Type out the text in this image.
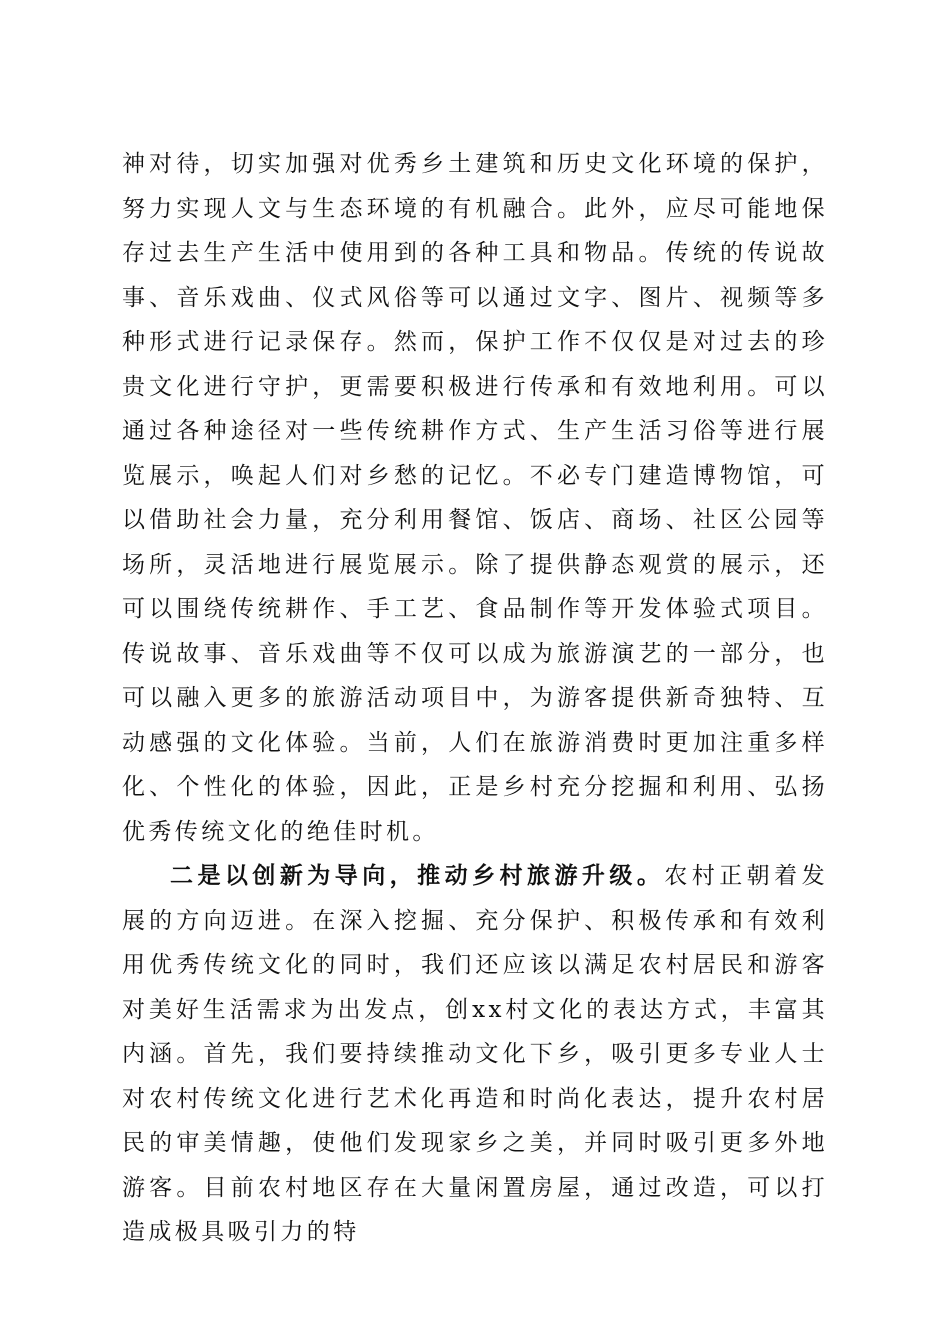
神对待，切实加强对优秀乡土建筑和历史文化环境的保护，努力实现人文与生态环境的有机融合。此外，应尽可能地保存过去生产生活中使用到的各种工具和物品。传统的传说故事、音乐戏曲、仪式风俗等可以通过文字、图片、视频等多种形式进行记录保存。然而，保护工作不仅仅是对过去的珍贵文化进行守护，更需要积极进行传承和有效地利用。可以通过各种途径对一些传统耕作方式、生产生活习俗等进行展览展示，唤起人们对乡愁的记忆。不必专门建造博物馆，可以借助社会力量，充分利用餐馆、饭店、商场、社区公园等场所，灵活地进行展览展示。除了提供静态观赏的展示，还可以围绕传统耕作、手工艺、食品制作等开发体验式项目。传说故事、音乐戏曲等不仅可以成为旅游演艺的一部分，也可以融入更多的旅游活动项目中，为游客提供新奇独特、互动感强的文化体验。当前，人们在旅游消费时更加注重多样化、个性化的体验，因此，正是乡村充分挖掘和利用、弘扬优秀传统文化的绝佳时机。

二是以创新为导向，推动乡村旅游升级。农村正朝着发展的方向迈进。在深入挖掘、充分保护、积极传承和有效利用优秀传统文化的同时，我们还应该以满足农村居民和游客对美好生活需求为出发点，创xx村文化的表达方式，丰富其内涵。首先，我们要持续推动文化下乡，吸引更多专业人士对农村传统文化进行艺术化再造和时尚化表达，提升农村居民的审美情趣，使他们发现家乡之美，并同时吸引更多外地游客。目前农村地区存在大量闲置房屋，通过改造，可以打造成极具吸引力的特
